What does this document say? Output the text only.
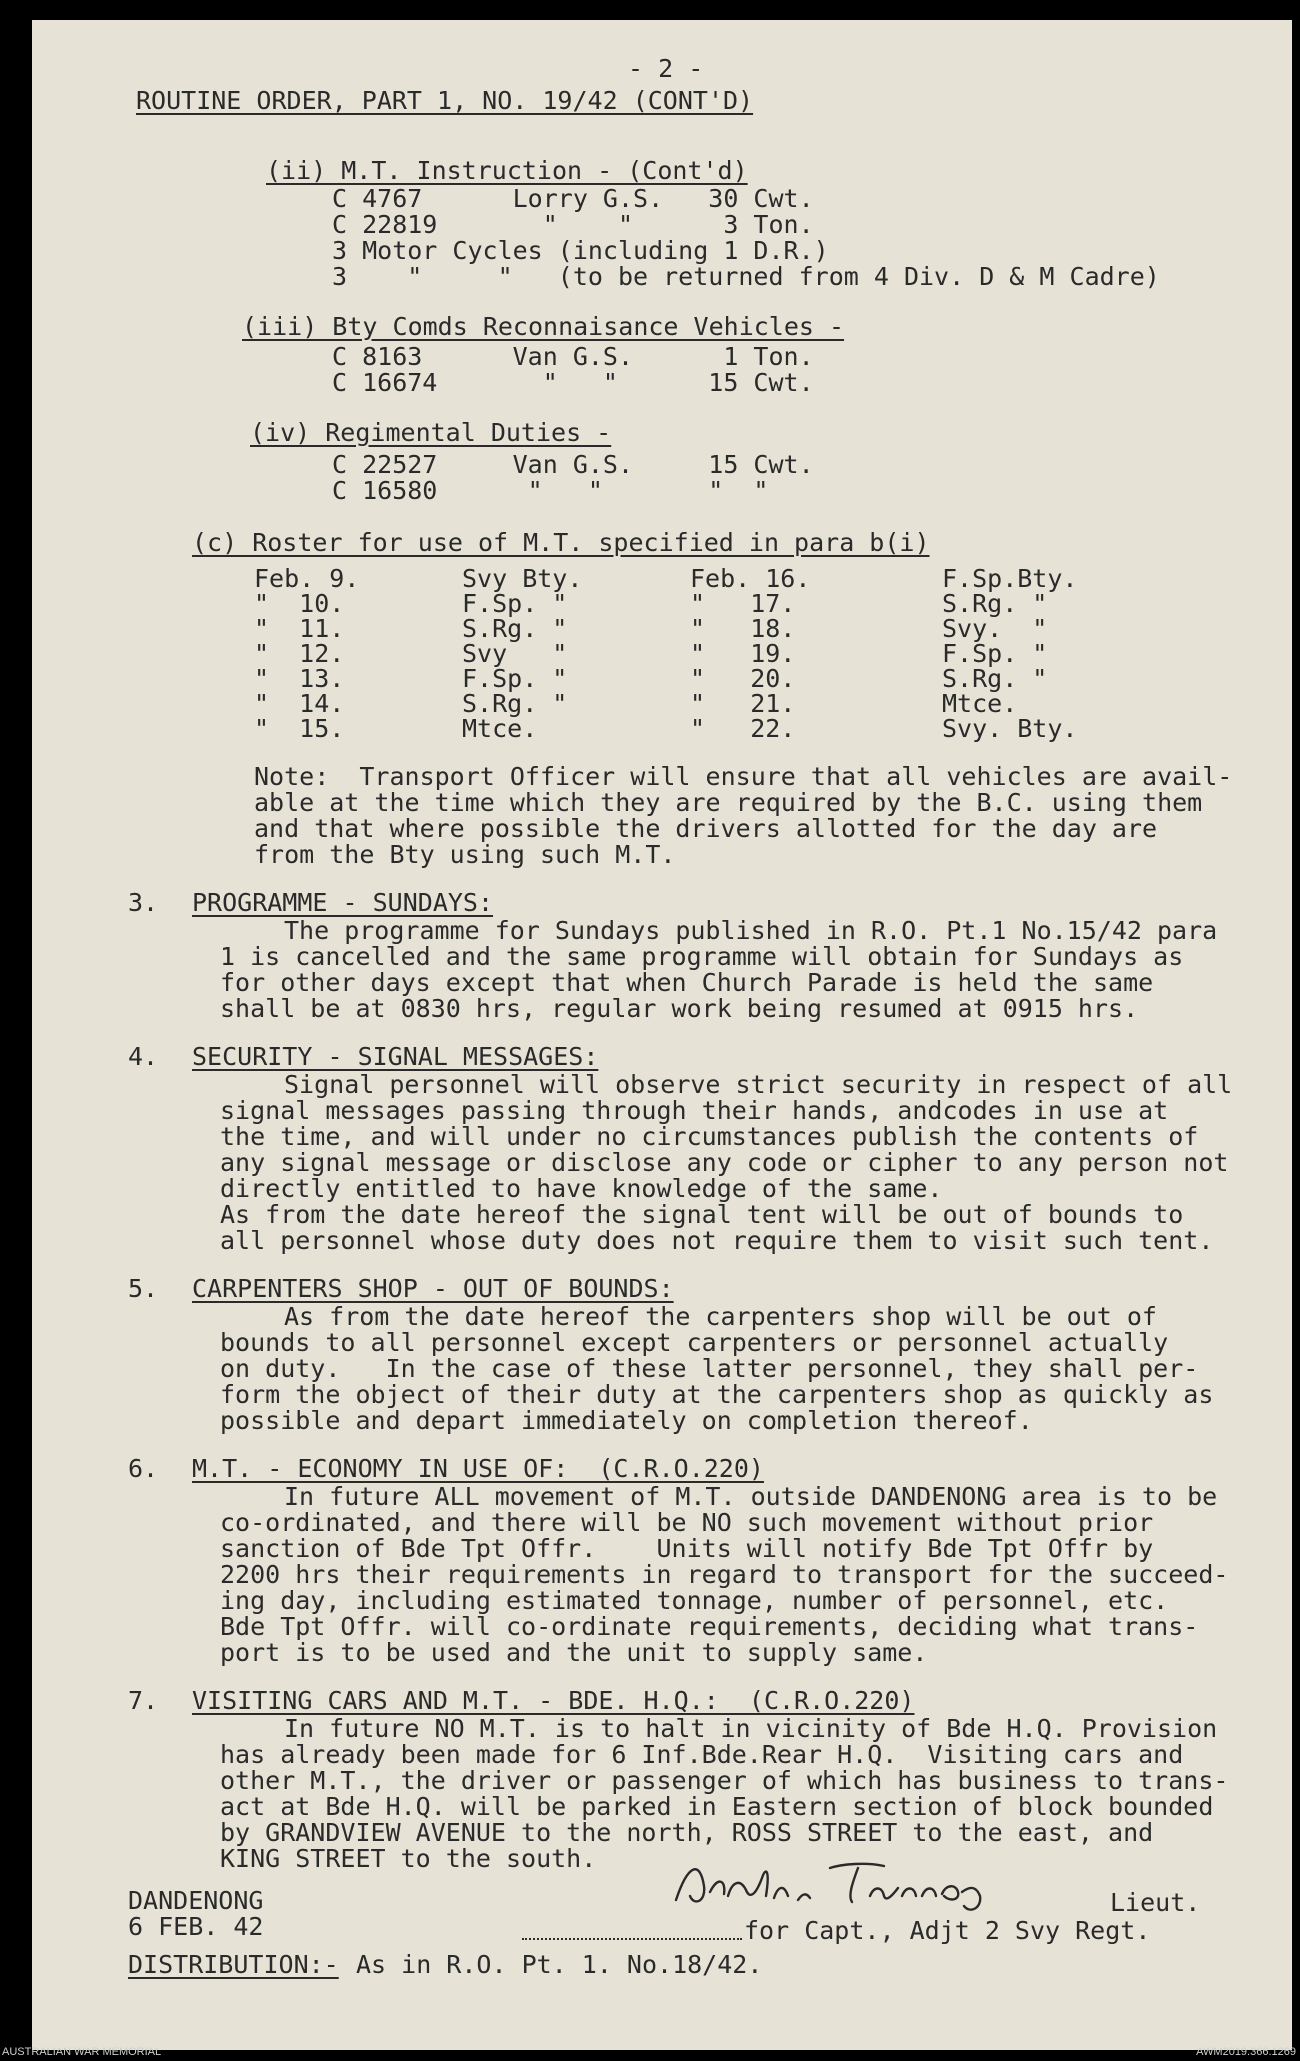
- 2 -
ROUTINE ORDER, PART 1, NO. 19/42 (CONT'D)
(ii) M.T. Instruction - (Cont'd)
C 4767      Lorry G.S.   30 Cwt.
C 22819       "    "      3 Ton.
3 Motor Cycles (including 1 D.R.)
3    "     "   (to be returned from 4 Div. D & M Cadre)
(iii) Bty Comds Reconnaisance Vehicles -
C 8163      Van G.S.      1 Ton.
C 16674       "   "      15 Cwt.
(iv) Regimental Duties -
C 22527     Van G.S.     15 Cwt.
C 16580      "   "       "  "
(c) Roster for use of M.T. specified in para b(i)
Feb. 9.
"  10.
"  11.
"  12.
"  13.
"  14.
"  15.
Svy Bty.
F.Sp. "
S.Rg. "
Svy   "
F.Sp. "
S.Rg. "
Mtce.
Feb. 16.
"   17.
"   18.
"   19.
"   20.
"   21.
"   22.
F.Sp.Bty.
S.Rg. "
Svy.  "
F.Sp. "
S.Rg. "
Mtce.
Svy. Bty.
Note:  Transport Officer will ensure that all vehicles are avail-
able at the time which they are required by the B.C. using them
and that where possible the drivers allotted for the day are
from the Bty using such M.T.
3. PROGRAMME - SUNDAYS:
The programme for Sundays published in R.O. Pt.1 No.15/42 para
1 is cancelled and the same programme will obtain for Sundays as
for other days except that when Church Parade is held the same
shall be at 0830 hrs, regular work being resumed at 0915 hrs.
4. SECURITY - SIGNAL MESSAGES:
Signal personnel will observe strict security in respect of all
signal messages passing through their hands, andcodes in use at
the time, and will under no circumstances publish the contents of
any signal message or disclose any code or cipher to any person not
directly entitled to have knowledge of the same.
As from the date hereof the signal tent will be out of bounds to
all personnel whose duty does not require them to visit such tent.
5. CARPENTERS SHOP - OUT OF BOUNDS:
As from the date hereof the carpenters shop will be out of
bounds to all personnel except carpenters or personnel actually
on duty.   In the case of these latter personnel, they shall per-
form the object of their duty at the carpenters shop as quickly as
possible and depart immediately on completion thereof.
6. M.T. - ECONOMY IN USE OF:  (C.R.O.220)
In future ALL movement of M.T. outside DANDENONG area is to be
co-ordinated, and there will be NO such movement without prior
sanction of Bde Tpt Offr.    Units will notify Bde Tpt Offr by
2200 hrs their requirements in regard to transport for the succeed-
ing day, including estimated tonnage, number of personnel, etc.
Bde Tpt Offr. will co-ordinate requirements, deciding what trans-
port is to be used and the unit to supply same.
7. VISITING CARS AND M.T. - BDE. H.Q.:  (C.R.O.220)
In future NO M.T. is to halt in vicinity of Bde H.Q. Provision
has already been made for 6 Inf.Bde.Rear H.Q.  Visiting cars and
other M.T., the driver or passenger of which has business to trans-
act at Bde H.Q. will be parked in Eastern section of block bounded
by GRANDVIEW AVENUE to the north, ROSS STREET to the east, and
KING STREET to the south.
DANDENONG
6 FEB. 42
Arthur H. Turney
Lieut.
for Capt., Adjt 2 Svy Regt.
DISTRIBUTION:- As in R.O. Pt. 1. No.18/42.
AUSTRALIAN WAR MEMORIAL	AWM2019.366.1269
